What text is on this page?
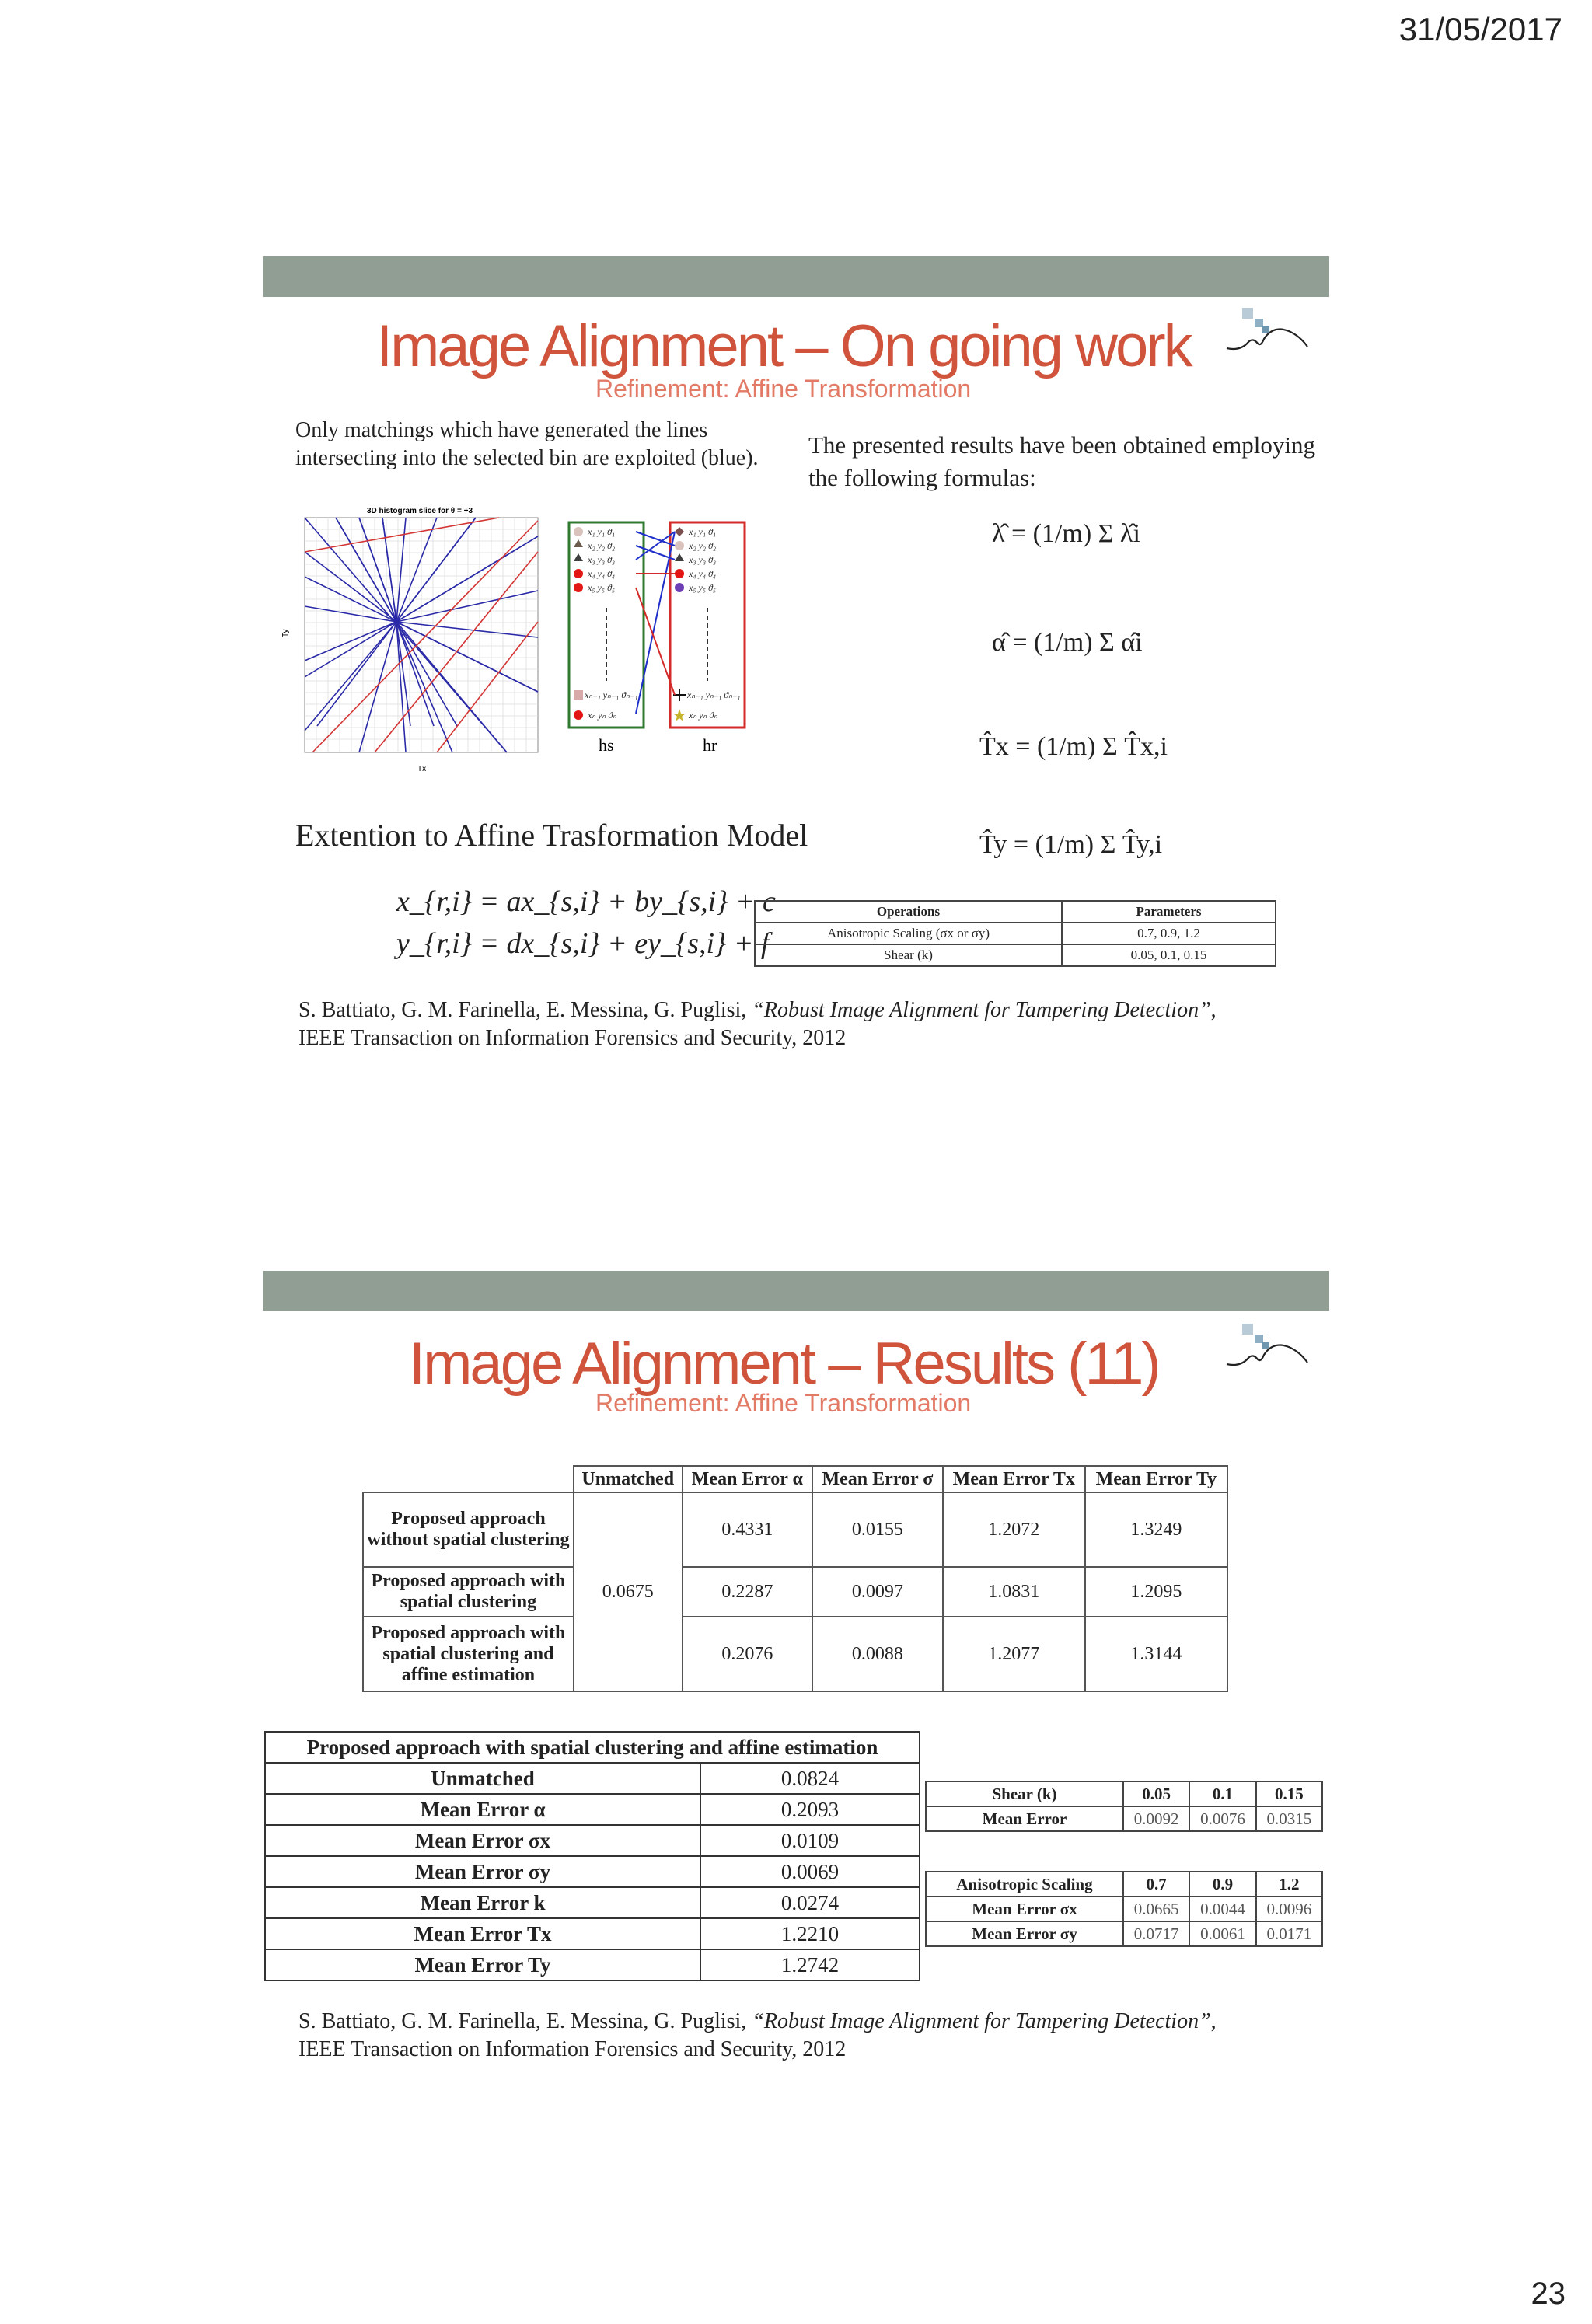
31/05/2017
Image Alignment – On going work
Refinement: Affine Transformation
Only matchings which have generated the lines intersecting into the selected bin are exploited (blue). The presented results have been obtained employing the following formulas:
3D histogram slice for θ = +3
Tx
Ty
x₁ y₁ ϑ₁
x₂ y₂ ϑ₂
x₃ y₃ ϑ₃
x₄ y₄ ϑ₄
x₅ y₅ ϑ₅
xₙ₋₁ yₙ₋₁ ϑₙ₋₁
xₙ yₙ ϑₙ
x₁ y₁ ϑ₁
x₂ y₂ ϑ₂
x₃ y₃ ϑ₃
x₄ y₄ ϑ₄
x₅ y₅ ϑ₅
xₙ₋₁ yₙ₋₁ ϑₙ₋₁
xₙ yₙ ϑₙ
hs	hr
λ̂ = (1/m) Σ λ̂i
α̂ = (1/m) Σ α̂i
T̂x = (1/m) Σ T̂x,i
T̂y = (1/m) Σ T̂y,i
Extention to Affine Trasformation Model
x_{r,i} = ax_{s,i} + by_{s,i} + c
y_{r,i} = dx_{s,i} + ey_{s,i} + f
Operations	Parameters
Anisotropic Scaling (σx or σy)	0.7, 0.9, 1.2
Shear (k)	0.05, 0.1, 0.15
S. Battiato, G. M. Farinella, E. Messina, G. Puglisi, “Robust Image Alignment for Tampering Detection”,
IEEE Transaction on Information Forensics and Security, 2012
Image Alignment – Results (11)
Refinement: Affine Transformation
	Unmatched	Mean Error α	Mean Error σ	Mean Error Tx	Mean Error Ty
Proposed approach without spatial clustering	0.0675	0.4331	0.0155	1.2072	1.3249
Proposed approach with spatial clustering		0.2287	0.0097	1.0831	1.2095
Proposed approach with spatial clustering and affine estimation		0.2076	0.0088	1.2077	1.3144
Proposed approach with spatial clustering and affine estimation	
Unmatched	0.0824
Mean Error α	0.2093
Mean Error σx	0.0109
Mean Error σy	0.0069
Mean Error k	0.0274
Mean Error Tx	1.2210
Mean Error Ty	1.2742
Shear (k)	0.05	0.1	0.15
Mean Error	0.0092	0.0076	0.0315
Anisotropic Scaling	0.7	0.9	1.2
Mean Error σx	0.0665	0.0044	0.0096
Mean Error σy	0.0717	0.0061	0.0171
S. Battiato, G. M. Farinella, E. Messina, G. Puglisi, “Robust Image Alignment for Tampering Detection”,
IEEE Transaction on Information Forensics and Security, 2012
23
